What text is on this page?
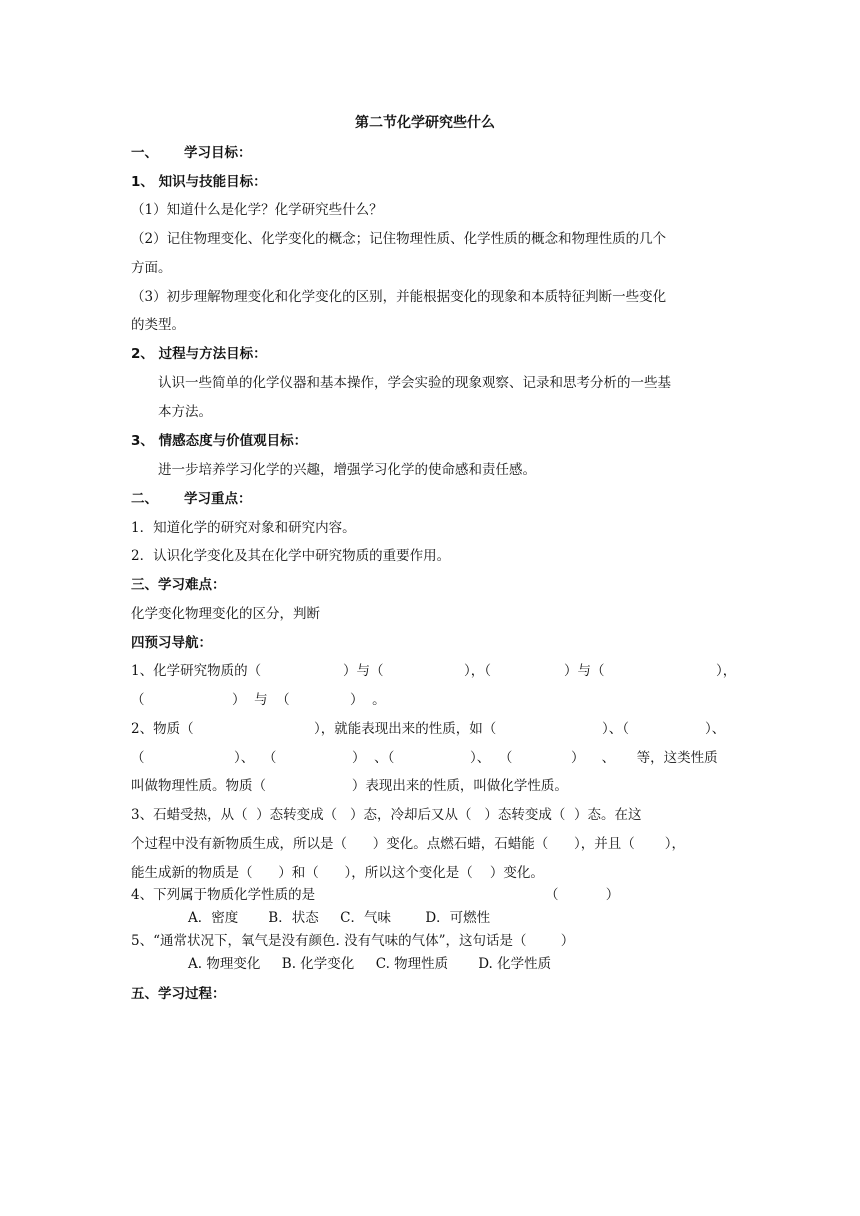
第二节化学研究些什么
一、 学习目标：
1、 知识与技能目标：
（1）知道什么是化学？化学研究些什么？
（2）记住物理变化、化学变化的概念；记住物理性质、化学性质的概念和物理性质的几个
方面。
（3）初步理解物理变化和化学变化的区别，并能根据变化的现象和本质特征判断一些变化
的类型。
2、 过程与方法目标：
认识一些简单的化学仪器和基本操作，学会实验的现象观察、记录和思考分析的一些基
本方法。
3、 情感态度与价值观目标：
进一步培养学习化学的兴趣，增强学习化学的使命感和责任感。
二、 学习重点：
1．知道化学的研究对象和研究内容。
2．认识化学变化及其在化学中研究物质的重要作用。
三、学习难点：
化学变化物理变化的区分，判断
四预习导航：
1、化学研究物质的（	）与（	），（	）与（	），
（	）  与  （	）  。
2、物质（	），就能表现出来的性质，如（	）、（	）、
（	）、  （	）  、（	）、  （	）    、     等，这类性质
叫做物理性质。物质（                    ）表现出来的性质，叫做化学性质。
3、石蜡受热，从（  ）态转变成（   ）态，冷却后又从（   ）态转变成（  ）态。在这
个过程中没有新物质生成，所以是（      ）变化。点燃石蜡，石蜡能（      ），并且（       ），
能生成新的物质是（      ）和（      ），所以这个变化是（    ）变化。
4、下列属于物质化学性质的是	（           ）
A．密度       B．状态     C．气味        D．可燃性
5、“通常状况下，氧气是没有颜色. 没有气味的气体”，这句话是（        ）
A. 物理变化     B. 化学变化     C. 物理性质       D. 化学性质
五、学习过程：
